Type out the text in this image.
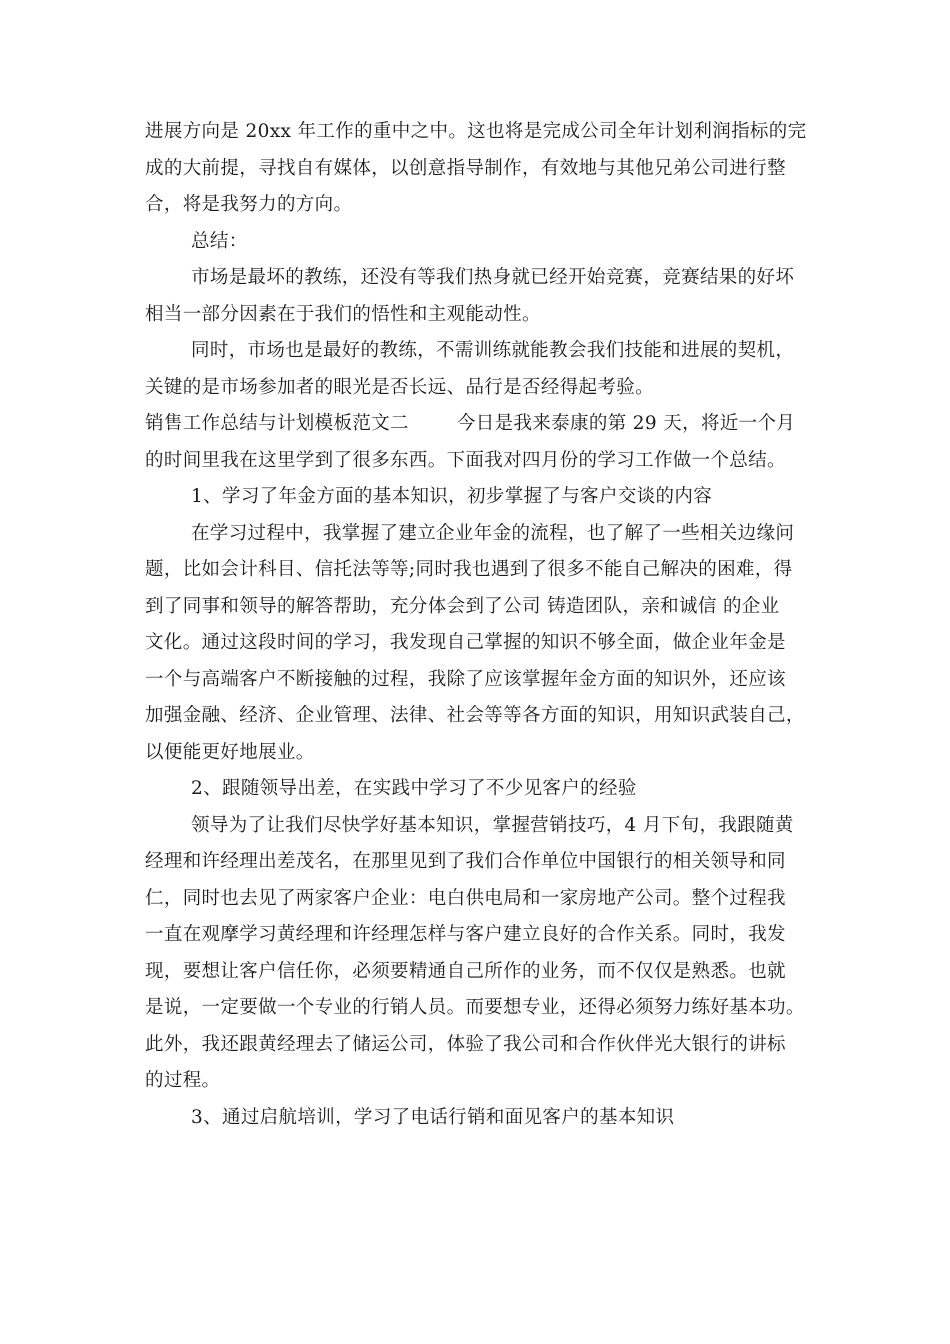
进展方向是 20xx 年工作的重中之中。这也将是完成公司全年计划利润指标的完
成的大前提，寻找自有媒体，以创意指导制作，有效地与其他兄弟公司进行整
合，将是我努力的方向。
总结：
市场是最坏的教练，还没有等我们热身就已经开始竞赛，竞赛结果的好坏
相当一部分因素在于我们的悟性和主观能动性。
同时，市场也是最好的教练，不需训练就能教会我们技能和进展的契机，
关键的是市场参加者的眼光是否长远、品行是否经得起考验。
销售工作总结与计划模板范文二	今日是我来泰康的第 29 天，将近一个月
的时间里我在这里学到了很多东西。下面我对四月份的学习工作做一个总结。
1、学习了年金方面的基本知识，初步掌握了与客户交谈的内容
在学习过程中，我掌握了建立企业年金的流程，也了解了一些相关边缘问
题，比如会计科目、信托法等等;同时我也遇到了很多不能自己解决的困难，得
到了同事和领导的解答帮助，充分体会到了公司 铸造团队，亲和诚信 的企业
文化。通过这段时间的学习，我发现自己掌握的知识不够全面，做企业年金是
一个与高端客户不断接触的过程，我除了应该掌握年金方面的知识外，还应该
加强金融、经济、企业管理、法律、社会等等各方面的知识，用知识武装自己，
以便能更好地展业。
2、跟随领导出差，在实践中学习了不少见客户的经验
领导为了让我们尽快学好基本知识，掌握营销技巧，4 月下旬，我跟随黄
经理和许经理出差茂名，在那里见到了我们合作单位中国银行的相关领导和同
仁，同时也去见了两家客户企业：电白供电局和一家房地产公司。整个过程我
一直在观摩学习黄经理和许经理怎样与客户建立良好的合作关系。同时，我发
现，要想让客户信任你，必须要精通自己所作的业务，而不仅仅是熟悉。也就
是说，一定要做一个专业的行销人员。而要想专业，还得必须努力练好基本功。
此外，我还跟黄经理去了储运公司，体验了我公司和合作伙伴光大银行的讲标
的过程。
3、通过启航培训，学习了电话行销和面见客户的基本知识
